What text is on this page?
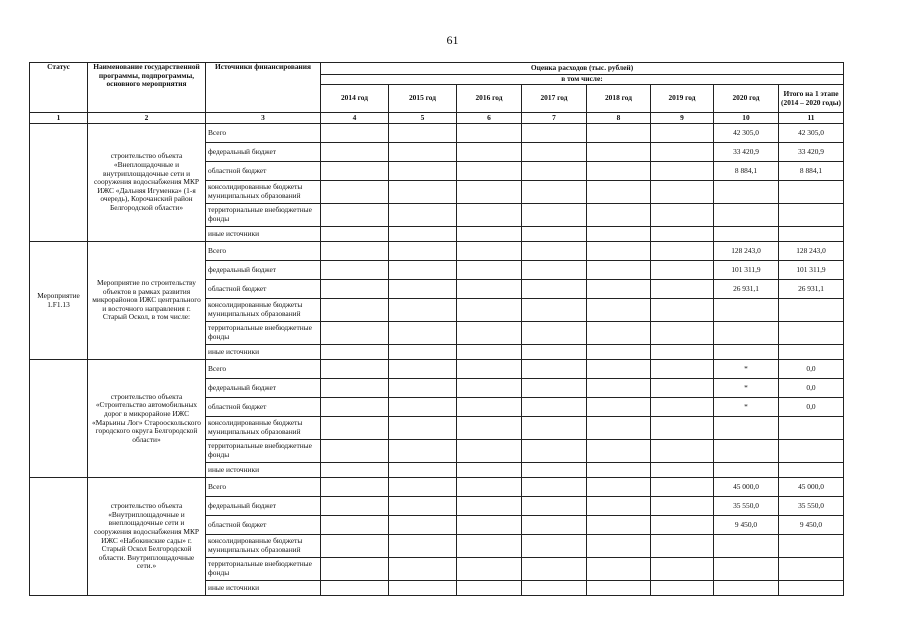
61
Статус	Наименование государственной программы, подпрограммы, основного мероприятия	Источники финансирования	Оценка расходов (тыс. рублей)							
			в том числе:							
			2014 год	2015 год	2016 год	2017 год	2018 год	2019 год	2020 год	Итого на 1 этапе (2014 – 2020 годы)
1	2	3	4	5	6	7	8	9	10	11
	строительство объекта «Внеплощадочные и внутриплощадочные сети и сооружения водоснабжения МКР ИЖС «Дальняя Игуменка» (1-я очередь), Корочанский район Белгородской области»	Всего							42 305,0	42 305,0
		федеральный бюджет							33 420,9	33 420,9
		областной бюджет							8 884,1	8 884,1
		консолидированные бюджеты муниципальных образований								
		территориальные внебюджетные фонды								
		иные источники								
Мероприятие 1.F1.13	Мероприятие по строительству объектов в рамках развития микрорайонов ИЖС центрального и восточного направления г. Старый Оскол, в том числе:	Всего							128 243,0	128 243,0
		федеральный бюджет							101 311,9	101 311,9
		областной бюджет							26 931,1	26 931,1
		консолидированные бюджеты муниципальных образований								
		территориальные внебюджетные фонды								
		иные источники								
	строительство объекта «Строительство автомобильных дорог в микрорайоне ИЖС «Марьины Лог» Старооскольского городского округа Белгородской области»	Всего							*	0,0
		федеральный бюджет							*	0,0
		областной бюджет							*	0,0
		консолидированные бюджеты муниципальных образований								
		территориальные внебюджетные фонды								
		иные источники								
	строительство объекта «Внутриплощадочные и внеплощадочные сети и сооружения водоснабжения МКР ИЖС «Набокинские сады» г. Старый Оскол Белгородской области. Внутриплощадочные сети.»	Всего							45 000,0	45 000,0
		федеральный бюджет							35 550,0	35 550,0
		областной бюджет							9 450,0	9 450,0
		консолидированные бюджеты муниципальных образований								
		территориальные внебюджетные фонды								
		иные источники								
